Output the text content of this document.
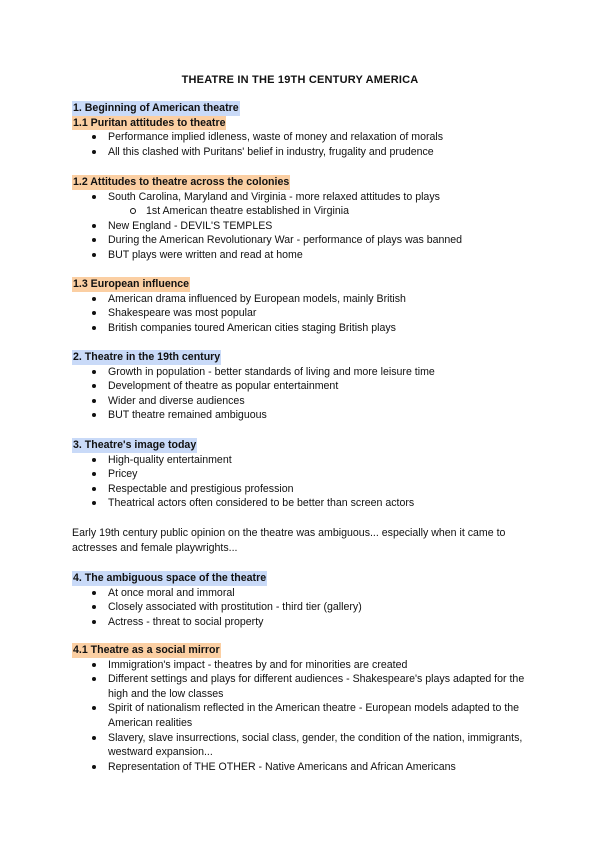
THEATRE IN THE 19TH CENTURY AMERICA
1. Beginning of American theatre
1.1 Puritan attitudes to theatre
Performance implied idleness, waste of money and relaxation of morals
All this clashed with Puritans' belief in industry, frugality and prudence
1.2 Attitudes to theatre across the colonies
South Carolina, Maryland and Virginia - more relaxed attitudes to plays
1st American theatre established in Virginia
New England - DEVIL'S TEMPLES
During the American Revolutionary War - performance of plays was banned
BUT plays were written and read at home
1.3 European influence
American drama influenced by European models, mainly British
Shakespeare was most popular
British companies toured American cities staging British plays
2. Theatre in the 19th century
Growth in population - better standards of living and more leisure time
Development of theatre as popular entertainment
Wider and diverse audiences
BUT theatre remained ambiguous
3. Theatre's image today
High-quality entertainment
Pricey
Respectable and prestigious profession
Theatrical actors often considered to be better than screen actors

Early 19th century public opinion on the theatre was ambiguous... especially when it came to actresses and female playwrights...

4. The ambiguous space of the theatre
At once moral and immoral
Closely associated with prostitution - third tier (gallery)
Actress - threat to social property
4.1 Theatre as a social mirror
Immigration's impact - theatres by and for minorities are created
Different settings and plays for different audiences - Shakespeare's plays adapted for the high and the low classes
Spirit of nationalism reflected in the American theatre - European models adapted to the American realities
Slavery, slave insurrections, social class, gender, the condition of the nation, immigrants, westward expansion...
Representation of THE OTHER - Native Americans and African Americans
